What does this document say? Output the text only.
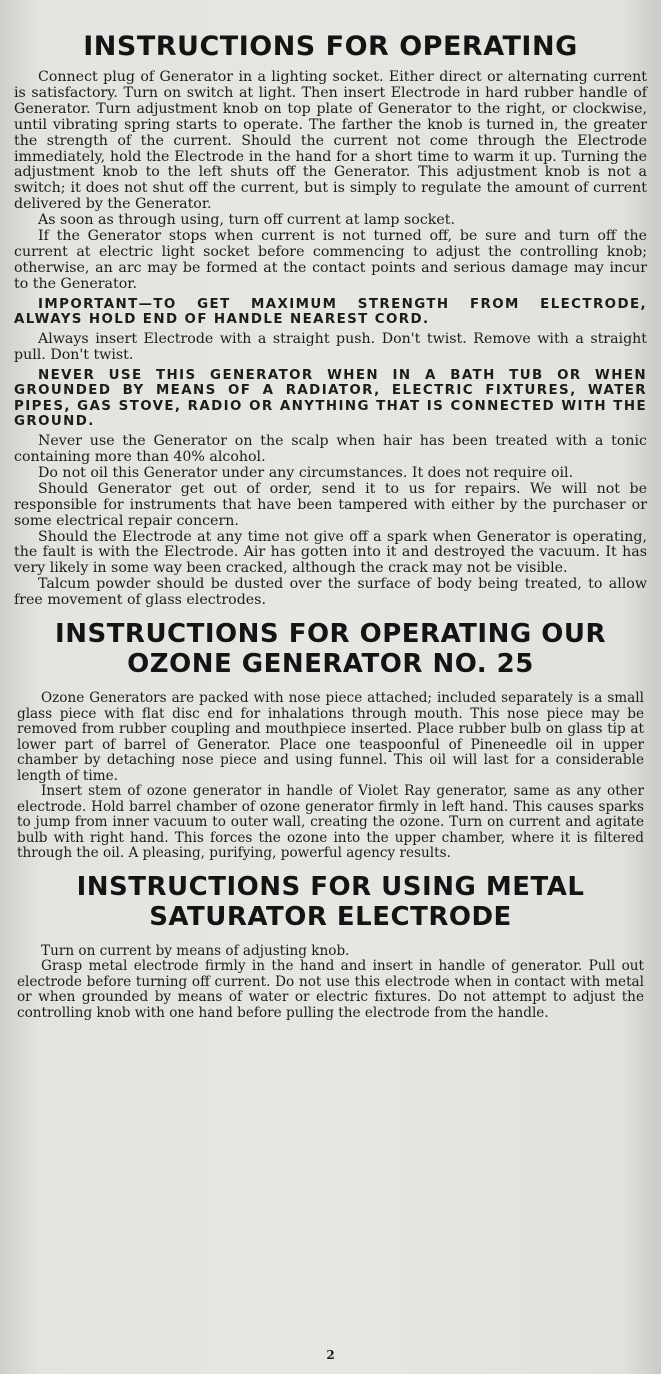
INSTRUCTIONS FOR OPERATING

Connect plug of Generator in a lighting socket. Either direct or alternating current is satisfactory. Turn on switch at light. Then insert Electrode in hard rubber handle of Generator. Turn adjustment knob on top plate of Generator to the right, or clockwise, until vibrating spring starts to operate. The farther the knob is turned in, the greater the strength of the current. Should the current not come through the Electrode immediately, hold the Electrode in the hand for a short time to warm it up. Turning the adjustment knob to the left shuts off the Generator. This adjustment knob is not a switch; it does not shut off the current, but is simply to regulate the amount of current delivered by the Generator.

As soon as through using, turn off current at lamp socket.

If the Generator stops when current is not turned off, be sure and turn off the current at electric light socket before commencing to adjust the controlling knob; otherwise, an arc may be formed at the contact points and serious damage may incur to the Generator.

IMPORTANT—TO GET MAXIMUM STRENGTH FROM ELECTRODE, ALWAYS HOLD END OF HANDLE NEAREST CORD.

Always insert Electrode with a straight push. Don't twist. Remove with a straight pull. Don't twist.

NEVER USE THIS GENERATOR WHEN IN A BATH TUB OR WHEN GROUNDED BY MEANS OF A RADIATOR, ELECTRIC FIXTURES, WATER PIPES, GAS STOVE, RADIO OR ANYTHING THAT IS CONNECTED WITH THE GROUND.

Never use the Generator on the scalp when hair has been treated with a tonic containing more than 40% alcohol.

Do not oil this Generator under any circumstances. It does not require oil.

Should Generator get out of order, send it to us for repairs. We will not be responsible for instruments that have been tampered with either by the purchaser or some electrical repair concern.

Should the Electrode at any time not give off a spark when Generator is operating, the fault is with the Electrode. Air has gotten into it and destroyed the vacuum. It has very likely in some way been cracked, although the crack may not be visible.

Talcum powder should be dusted over the surface of body being treated, to allow free movement of glass electrodes.

INSTRUCTIONS FOR OPERATING OUR
OZONE GENERATOR NO. 25

Ozone Generators are packed with nose piece attached; included separately is a small glass piece with flat disc end for inhalations through mouth. This nose piece may be removed from rubber coupling and mouthpiece inserted. Place rubber bulb on glass tip at lower part of barrel of Generator. Place one teaspoonful of Pineneedle oil in upper chamber by detaching nose piece and using funnel. This oil will last for a considerable length of time.

Insert stem of ozone generator in handle of Violet Ray generator, same as any other electrode. Hold barrel chamber of ozone generator firmly in left hand. This causes sparks to jump from inner vacuum to outer wall, creating the ozone. Turn on current and agitate bulb with right hand. This forces the ozone into the upper chamber, where it is filtered through the oil. A pleasing, purifying, powerful agency results.

INSTRUCTIONS FOR USING METAL
SATURATOR ELECTRODE

Turn on current by means of adjusting knob.

Grasp metal electrode firmly in the hand and insert in handle of generator. Pull out electrode before turning off current. Do not use this electrode when in contact with metal or when grounded by means of water or electric fixtures. Do not attempt to adjust the controlling knob with one hand before pulling the electrode from the handle.

2
